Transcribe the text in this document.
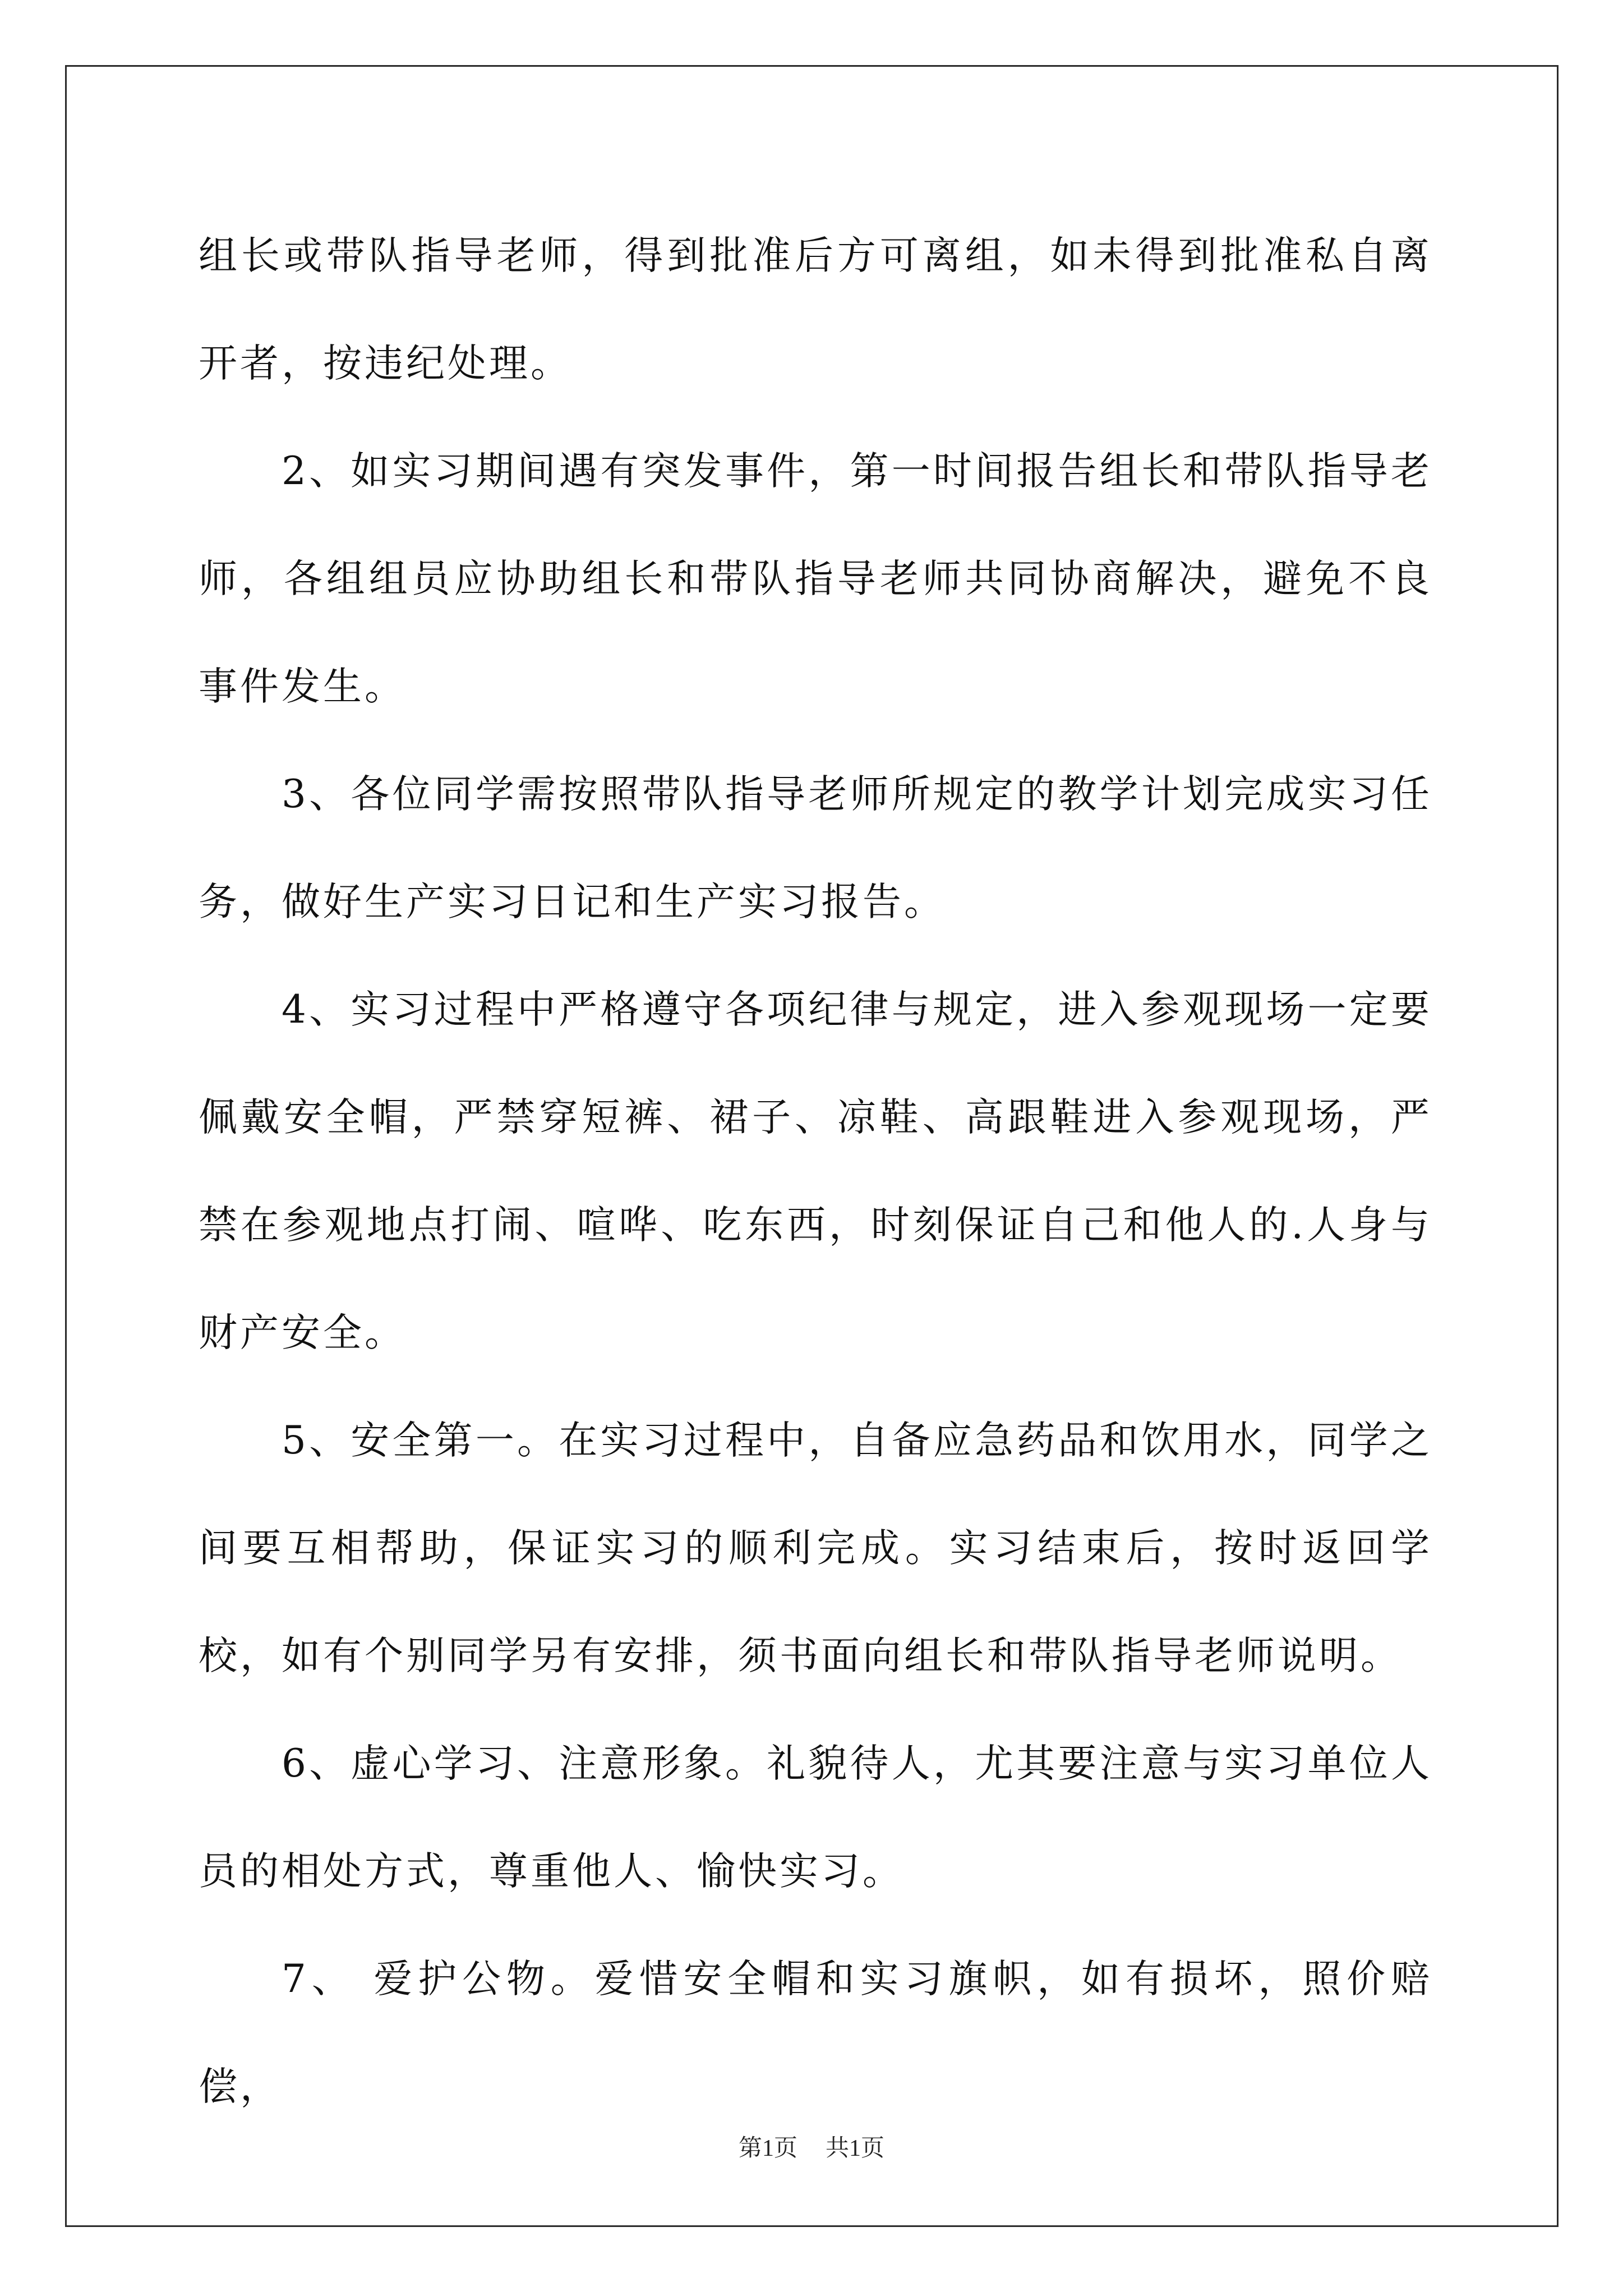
组长或带队指导老师，得到批准后方可离组，如未得到批准私自离开者，按违纪处理。

2、如实习期间遇有突发事件，第一时间报告组长和带队指导老师，各组组员应协助组长和带队指导老师共同协商解决，避免不良事件发生。

3、各位同学需按照带队指导老师所规定的教学计划完成实习任务，做好生产实习日记和生产实习报告。

4、实习过程中严格遵守各项纪律与规定，进入参观现场一定要佩戴安全帽，严禁穿短裤、裙子、凉鞋、高跟鞋进入参观现场，严禁在参观地点打闹、喧哗、吃东西，时刻保证自己和他人的.人身与财产安全。

5、安全第一。在实习过程中，自备应急药品和饮用水，同学之间要互相帮助，保证实习的顺利完成。实习结束后，按时返回学校，如有个别同学另有安排，须书面向组长和带队指导老师说明。

6、虚心学习、注意形象。礼貌待人，尤其要注意与实习单位人员的相处方式，尊重他人、愉快实习。

7、 爱护公物。爱惜安全帽和实习旗帜，如有损坏，照价赔偿，

第1页 共1页
